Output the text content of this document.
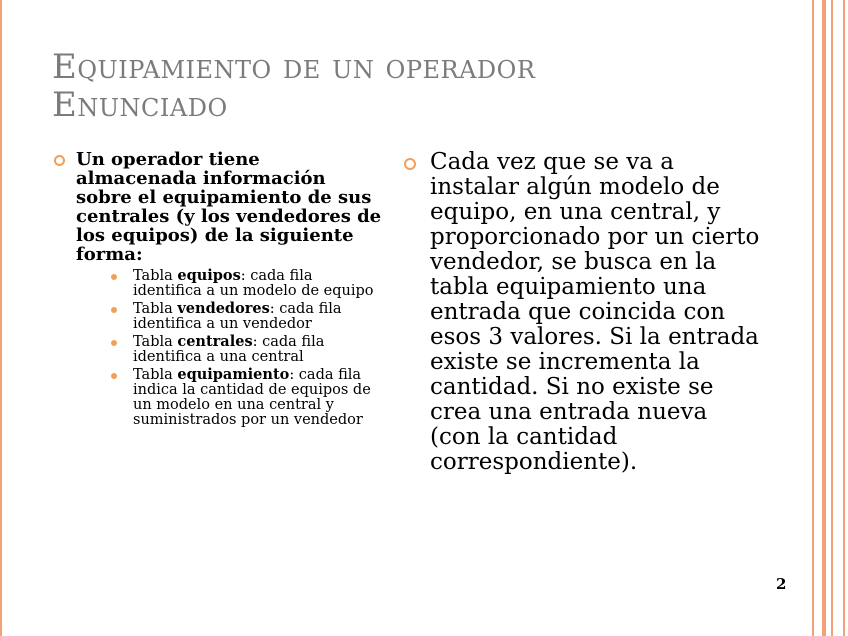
Equipamiento de un operador
Enunciado
Un operador tiene almacenada información sobre el equipamiento de sus centrales (y los vendedores de los equipos) de la siguiente forma:
Tabla equipos: cada fila identifica a un modelo de equipo
Tabla vendedores: cada fila identifica a un vendedor
Tabla centrales: cada fila identifica a una central
Tabla equipamiento: cada fila indica la cantidad de equipos de un modelo en una central y suministrados por un vendedor
Cada vez que se va a instalar algún modelo de equipo, en una central, y proporcionado por un cierto vendedor, se busca en la tabla equipamiento una entrada que coincida con esos 3 valores. Si la entrada existe se incrementa la cantidad. Si no existe se crea una entrada nueva (con la cantidad correspondiente).
2
